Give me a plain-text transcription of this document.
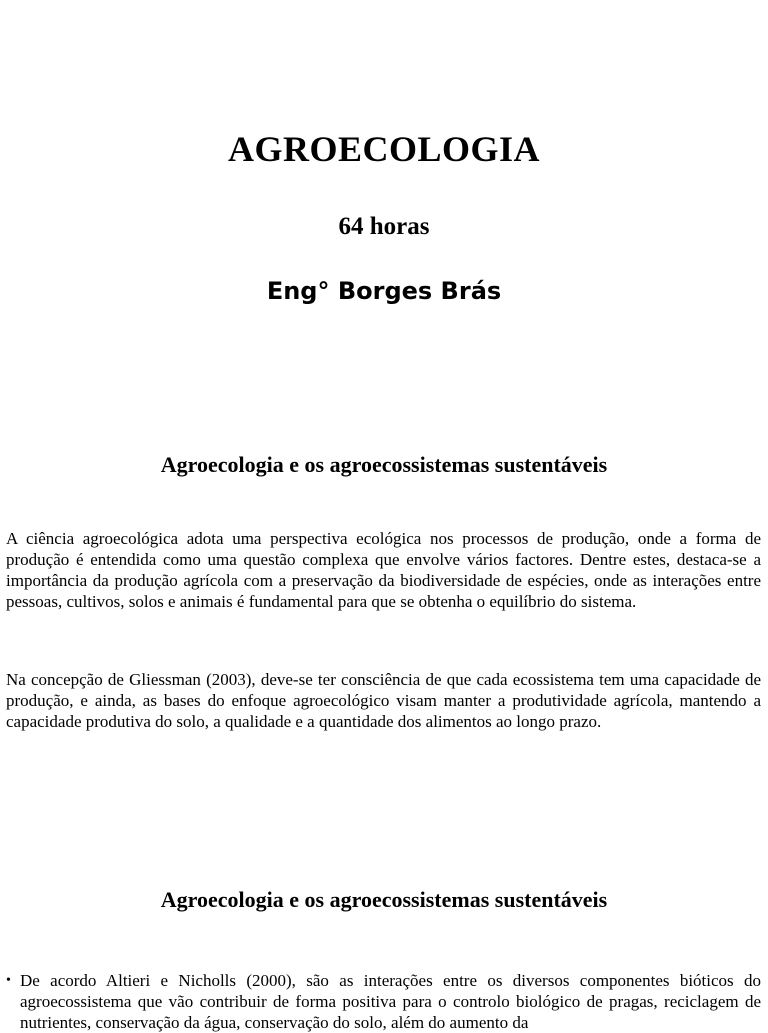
AGROECOLOGIA
64 horas
Eng° Borges Brás
Agroecologia e os agroecossistemas sustentáveis

A ciência agroecológica adota uma perspectiva ecológica nos processos de produção, onde a forma de produção é entendida como uma questão complexa que envolve vários factores. Dentre estes, destaca-se a importância da produção agrícola com a preservação da biodiversidade de espécies, onde as interações entre pessoas, cultivos, solos e animais é fundamental para que se obtenha o equilíbrio do sistema.

Na concepção de Gliessman (2003), deve-se ter consciência de que cada ecossistema tem uma capacidade de produção, e ainda, as bases do enfoque agroecológico visam manter a produtividade agrícola, mantendo a capacidade produtiva do solo, a qualidade e a quantidade dos alimentos ao longo prazo.

Agroecologia e os agroecossistemas sustentáveis
• De acordo Altieri e Nicholls (2000), são as interações entre os diversos componentes bióticos do agroecossistema que vão contribuir de forma positiva para o controlo biológico de pragas, reciclagem de nutrientes, conservação da água, conservação do solo, além do aumento da
